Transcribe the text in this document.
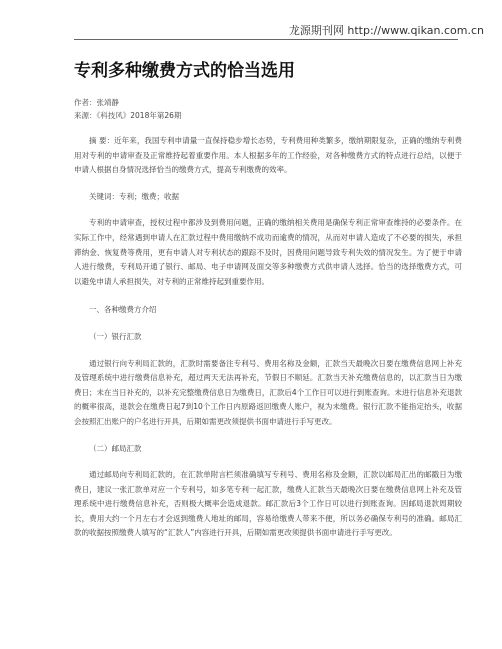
龙源期刊网 http://www.qikan.com.cn
专利多种缴费方式的恰当选用
作者：张靖静
来源：《科技风》2018年第26期

摘 要：近年来，我国专利申请量一直保持稳步增长态势，专利费用种类繁多，缴纳期限复杂，正确的缴纳专利费用对专利的申请审查及正常维持起着重要作用。本人根据多年的工作经验，对各种缴费方式的特点进行总结，以便于申请人根据自身情况选择恰当的缴费方式，提高专利缴费的效率。

关键词：专利；缴费；收据

专利的申请审查，授权过程中都涉及到费用问题，正确的缴纳相关费用是确保专利正常审查维持的必要条件。在实际工作中，经常遇到申请人在汇款过程中费用缴纳不成功而逾费的情况，从而对申请人造成了不必要的损失，承担滞纳金、恢复费等费用，更有申请人对专利状态的跟踪不及时，因费用问题导致专利失效的情况发生。为了便于申请人进行缴费，专利局开通了银行、邮局、电子申请网及面交等多种缴费方式供申请人选择。恰当的选择缴费方式，可以避免申请人承担损失，对专利的正常维持起到重要作用。

一、各种缴费方介绍

（一）银行汇款

通过银行向专利局汇款的，汇款时需要备注专利号、费用名称及金额，汇款当天最晚次日要在缴费信息网上补充及管理系统中进行缴费信息补充，超过两天无法再补充，节假日不顺延。汇款当天补充缴费信息的，以汇款当日为缴费日；未在当日补充的，以补充完整缴费信息日为缴费日，汇款后4个工作日可以进行到账查询。未进行信息补充退款的概率很高，退款会在缴费日起7到10个工作日内原路返回缴费人账户，视为未缴费。银行汇款不能指定抬头，收据会按照汇出账户的户名进行开具，后期如需更改须提供书面申请进行手写更改。

（二）邮局汇款

通过邮局向专利局汇款的，在汇款单附言栏须准确填写专利号、费用名称及金额，汇款以邮局汇出的邮戳日为缴费日，建议一张汇款单对应一个专利号，如多笔专利一起汇款，缴费人汇款当天最晚次日要在缴费信息网上补充及管理系统中进行缴费信息补充，否则极大概率会造成退款。邮汇款后3个工作日可以进行到账查询。因邮局退款周期较长，费用大约一个月左右才会返到缴费人地址的邮局，容易给缴费人带来不便，所以务必确保专利号的准确。邮局汇款的收据按照缴费人填写的“汇款人”内容进行开具，后期如需更改须提供书面申请进行手写更改。
